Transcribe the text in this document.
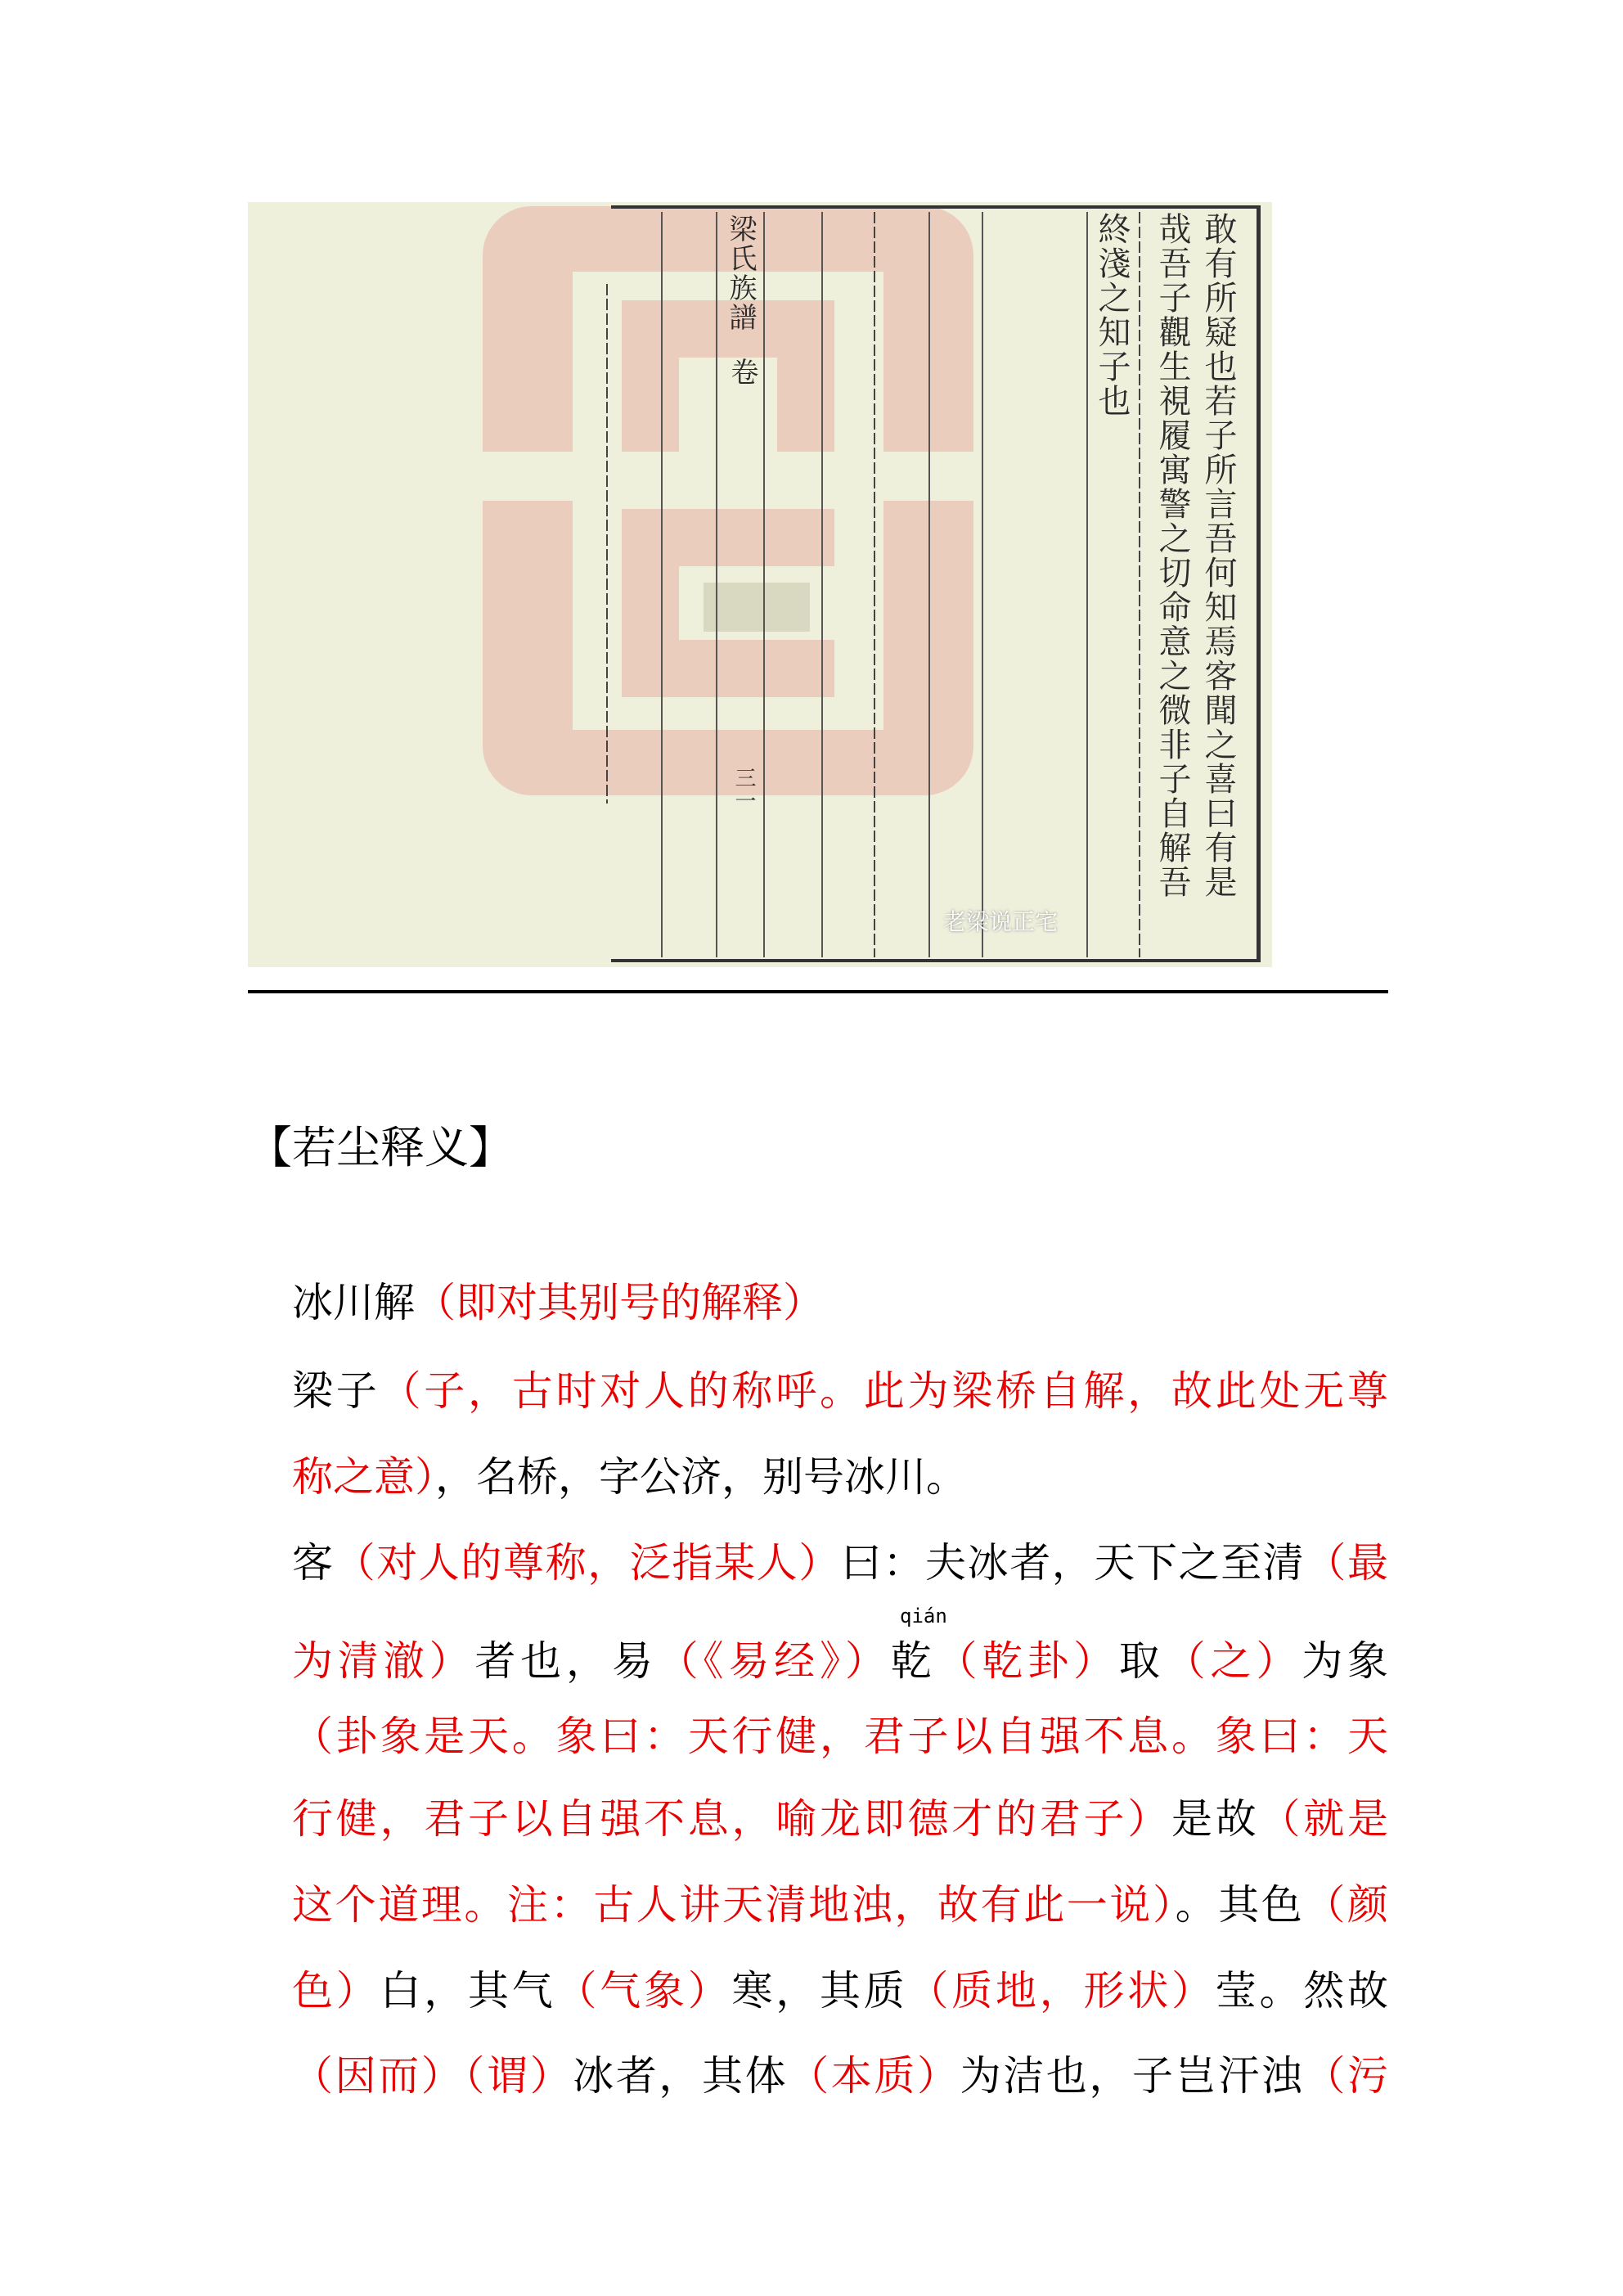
梁氏族譜
卷
三一	敢有所疑也若子所言吾何知焉客聞之喜曰有是
哉吾子觀生視履寓警之切命意之微非子自解吾
終淺之知子也
老梁说正宅
【若尘释义】
qián
冰川解（即对其别号的解释）
梁子（子，古时对人的称呼。此为梁桥自解，故此处无尊
称之意），名桥，字公济，别号冰川。
客（对人的尊称，泛指某人）曰：夫冰者，天下之至清（最
为清澈）者也，易（《易经》）乾（乾卦）取（之）为象
（卦象是天。象曰：天行健，君子以自强不息。象曰：天
行健，君子以自强不息，喻龙即德才的君子）是故（就是
这个道理。注：古人讲天清地浊，故有此一说）。其色（颜
色）白，其气（气象）寒，其质（质地，形状）莹。然故
（因而）（谓）冰者，其体（本质）为洁也，子岂汗浊（污
